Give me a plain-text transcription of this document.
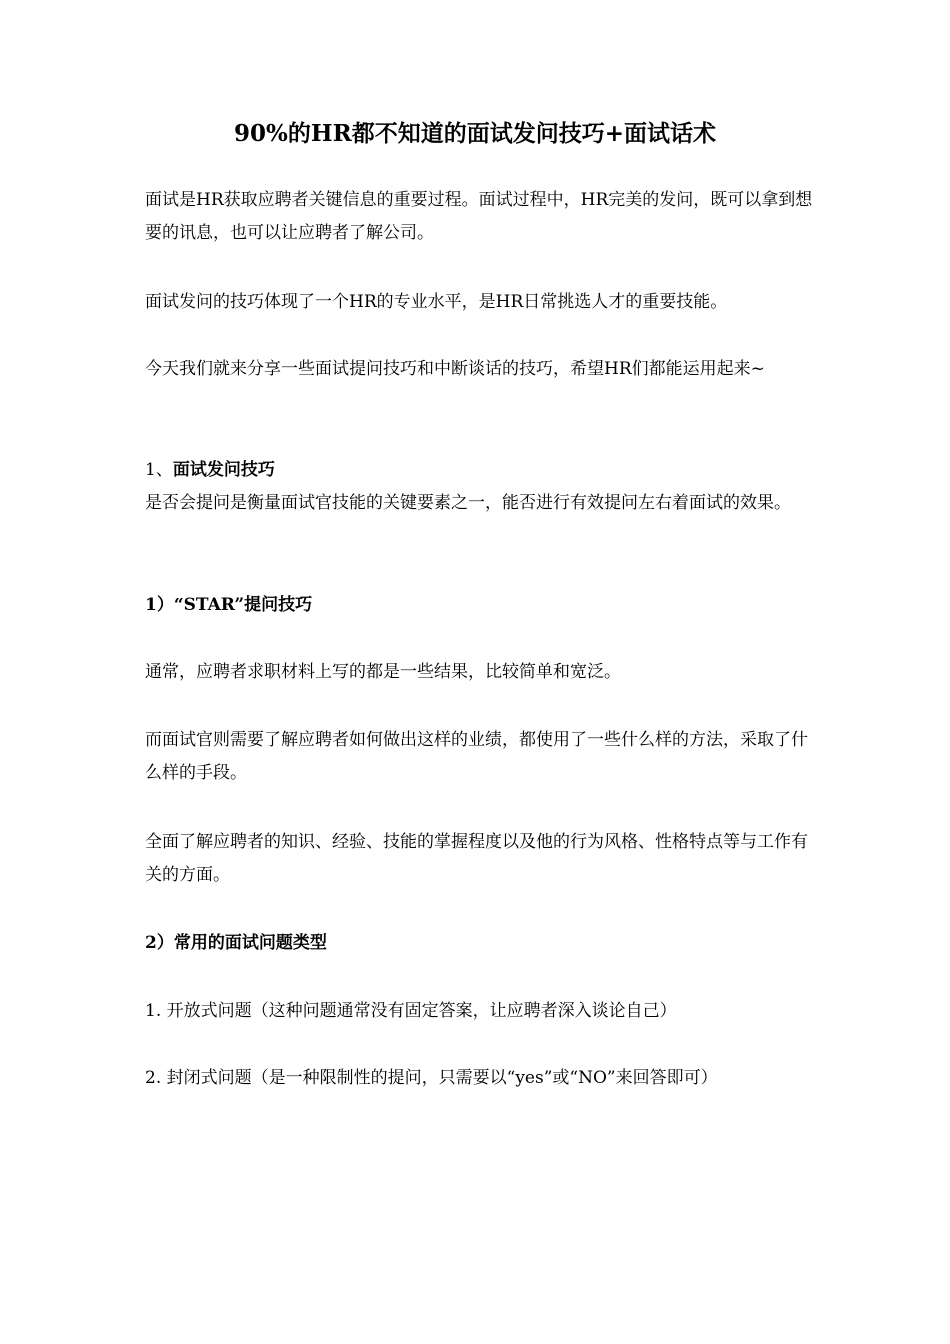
90%的HR都不知道的面试发问技巧+面试话术

面试是HR获取应聘者关键信息的重要过程。面试过程中，HR完美的发问，既可以拿到想要的讯息，也可以让应聘者了解公司。

面试发问的技巧体现了一个HR的专业水平，是HR日常挑选人才的重要技能。

今天我们就来分享一些面试提问技巧和中断谈话的技巧，希望HR们都能运用起来~

1、面试发问技巧

是否会提问是衡量面试官技能的关键要素之一，能否进行有效提问左右着面试的效果。

1）“STAR”提问技巧

通常，应聘者求职材料上写的都是一些结果，比较简单和宽泛。

而面试官则需要了解应聘者如何做出这样的业绩，都使用了一些什么样的方法，采取了什么样的手段。

全面了解应聘者的知识、经验、技能的掌握程度以及他的行为风格、性格特点等与工作有关的方面。

2）常用的面试问题类型

1. 开放式问题（这种问题通常没有固定答案，让应聘者深入谈论自己）

2. 封闭式问题（是一种限制性的提问，只需要以“yes”或“NO”来回答即可）
